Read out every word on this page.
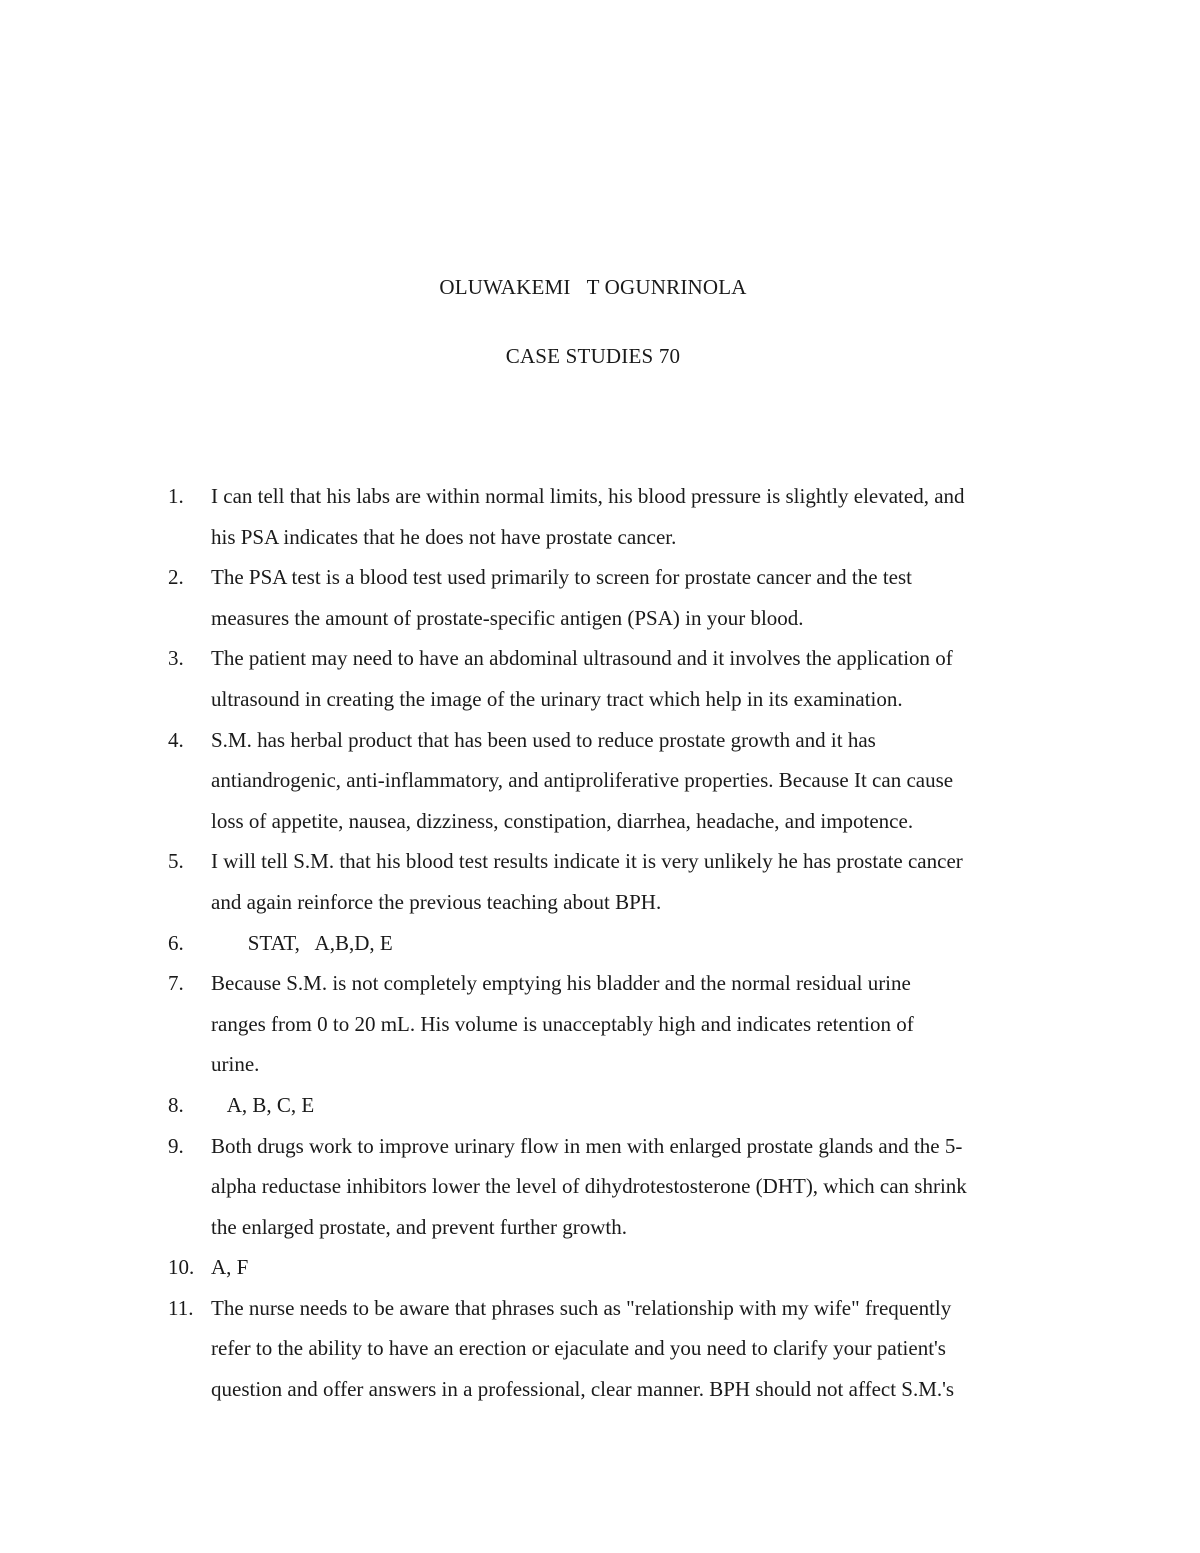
OLUWAKEMI   T OGUNRINOLA
CASE STUDIES 70
1.	I can tell that his labs are within normal limits, his blood pressure is slightly elevated, and
his PSA indicates that he does not have prostate cancer.
2.	The PSA test is a blood test used primarily to screen for prostate cancer and the test
measures the amount of prostate-specific antigen (PSA) in your blood.
3.	The patient may need to have an abdominal ultrasound and it involves the application of
ultrasound in creating the image of the urinary tract which help in its examination.
4.	S.M. has herbal product that has been used to reduce prostate growth and it has
antiandrogenic, anti-inflammatory, and antiproliferative properties. Because It can cause
loss of appetite, nausea, dizziness, constipation, diarrhea, headache, and impotence.
5.	I will tell S.M. that his blood test results indicate it is very unlikely he has prostate cancer
and again reinforce the previous teaching about BPH.
6.	STAT,   A,B,D, E
7.	Because S.M. is not completely emptying his bladder and the normal residual urine
ranges from 0 to 20 mL. His volume is unacceptably high and indicates retention of
urine.
8.	A, B, C, E
9.	Both drugs work to improve urinary flow in men with enlarged prostate glands and the 5-
alpha reductase inhibitors lower the level of dihydrotestosterone (DHT), which can shrink
the enlarged prostate, and prevent further growth.
10. A, F
11. The nurse needs to be aware that phrases such as "relationship with my wife" frequently
refer to the ability to have an erection or ejaculate and you need to clarify your patient's
question and offer answers in a professional, clear manner. BPH should not affect S.M.'s
